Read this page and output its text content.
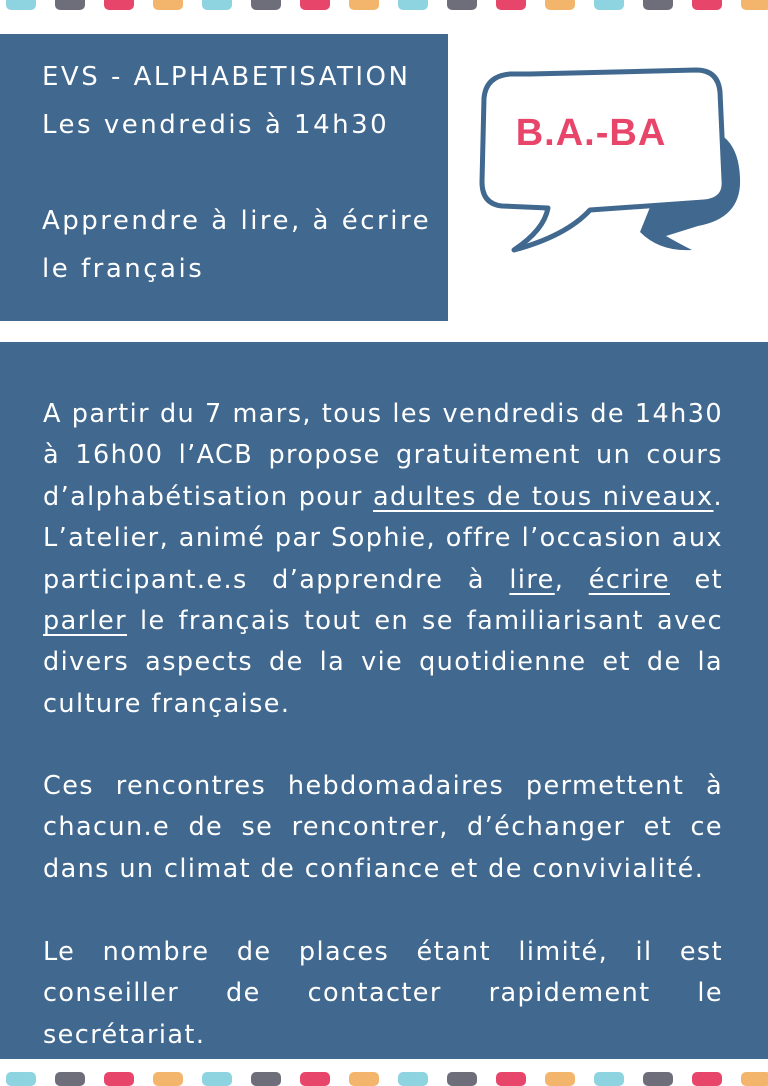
EVS - ALPHABETISATION
Les vendredis à 14h30
Apprendre à lire, à écrire
le français
B.A.-BA

A partir du 7 mars, tous les vendredis de 14h30 à 16h00 l’ACB propose gratuitement un cours d’alphabétisation pour adultes de tous niveaux. L’atelier, animé par Sophie, offre l’occasion aux participant.e.s d’apprendre à lire, écrire et parler le français tout en se familiarisant avec divers aspects de la vie quotidienne et de la culture française.

Ces rencontres hebdomadaires permettent à chacun.e de se rencontrer, d’échanger et ce dans un climat de confiance et de convivialité.

Le nombre de places étant limité, il est conseiller de contacter rapidement le secrétariat.
